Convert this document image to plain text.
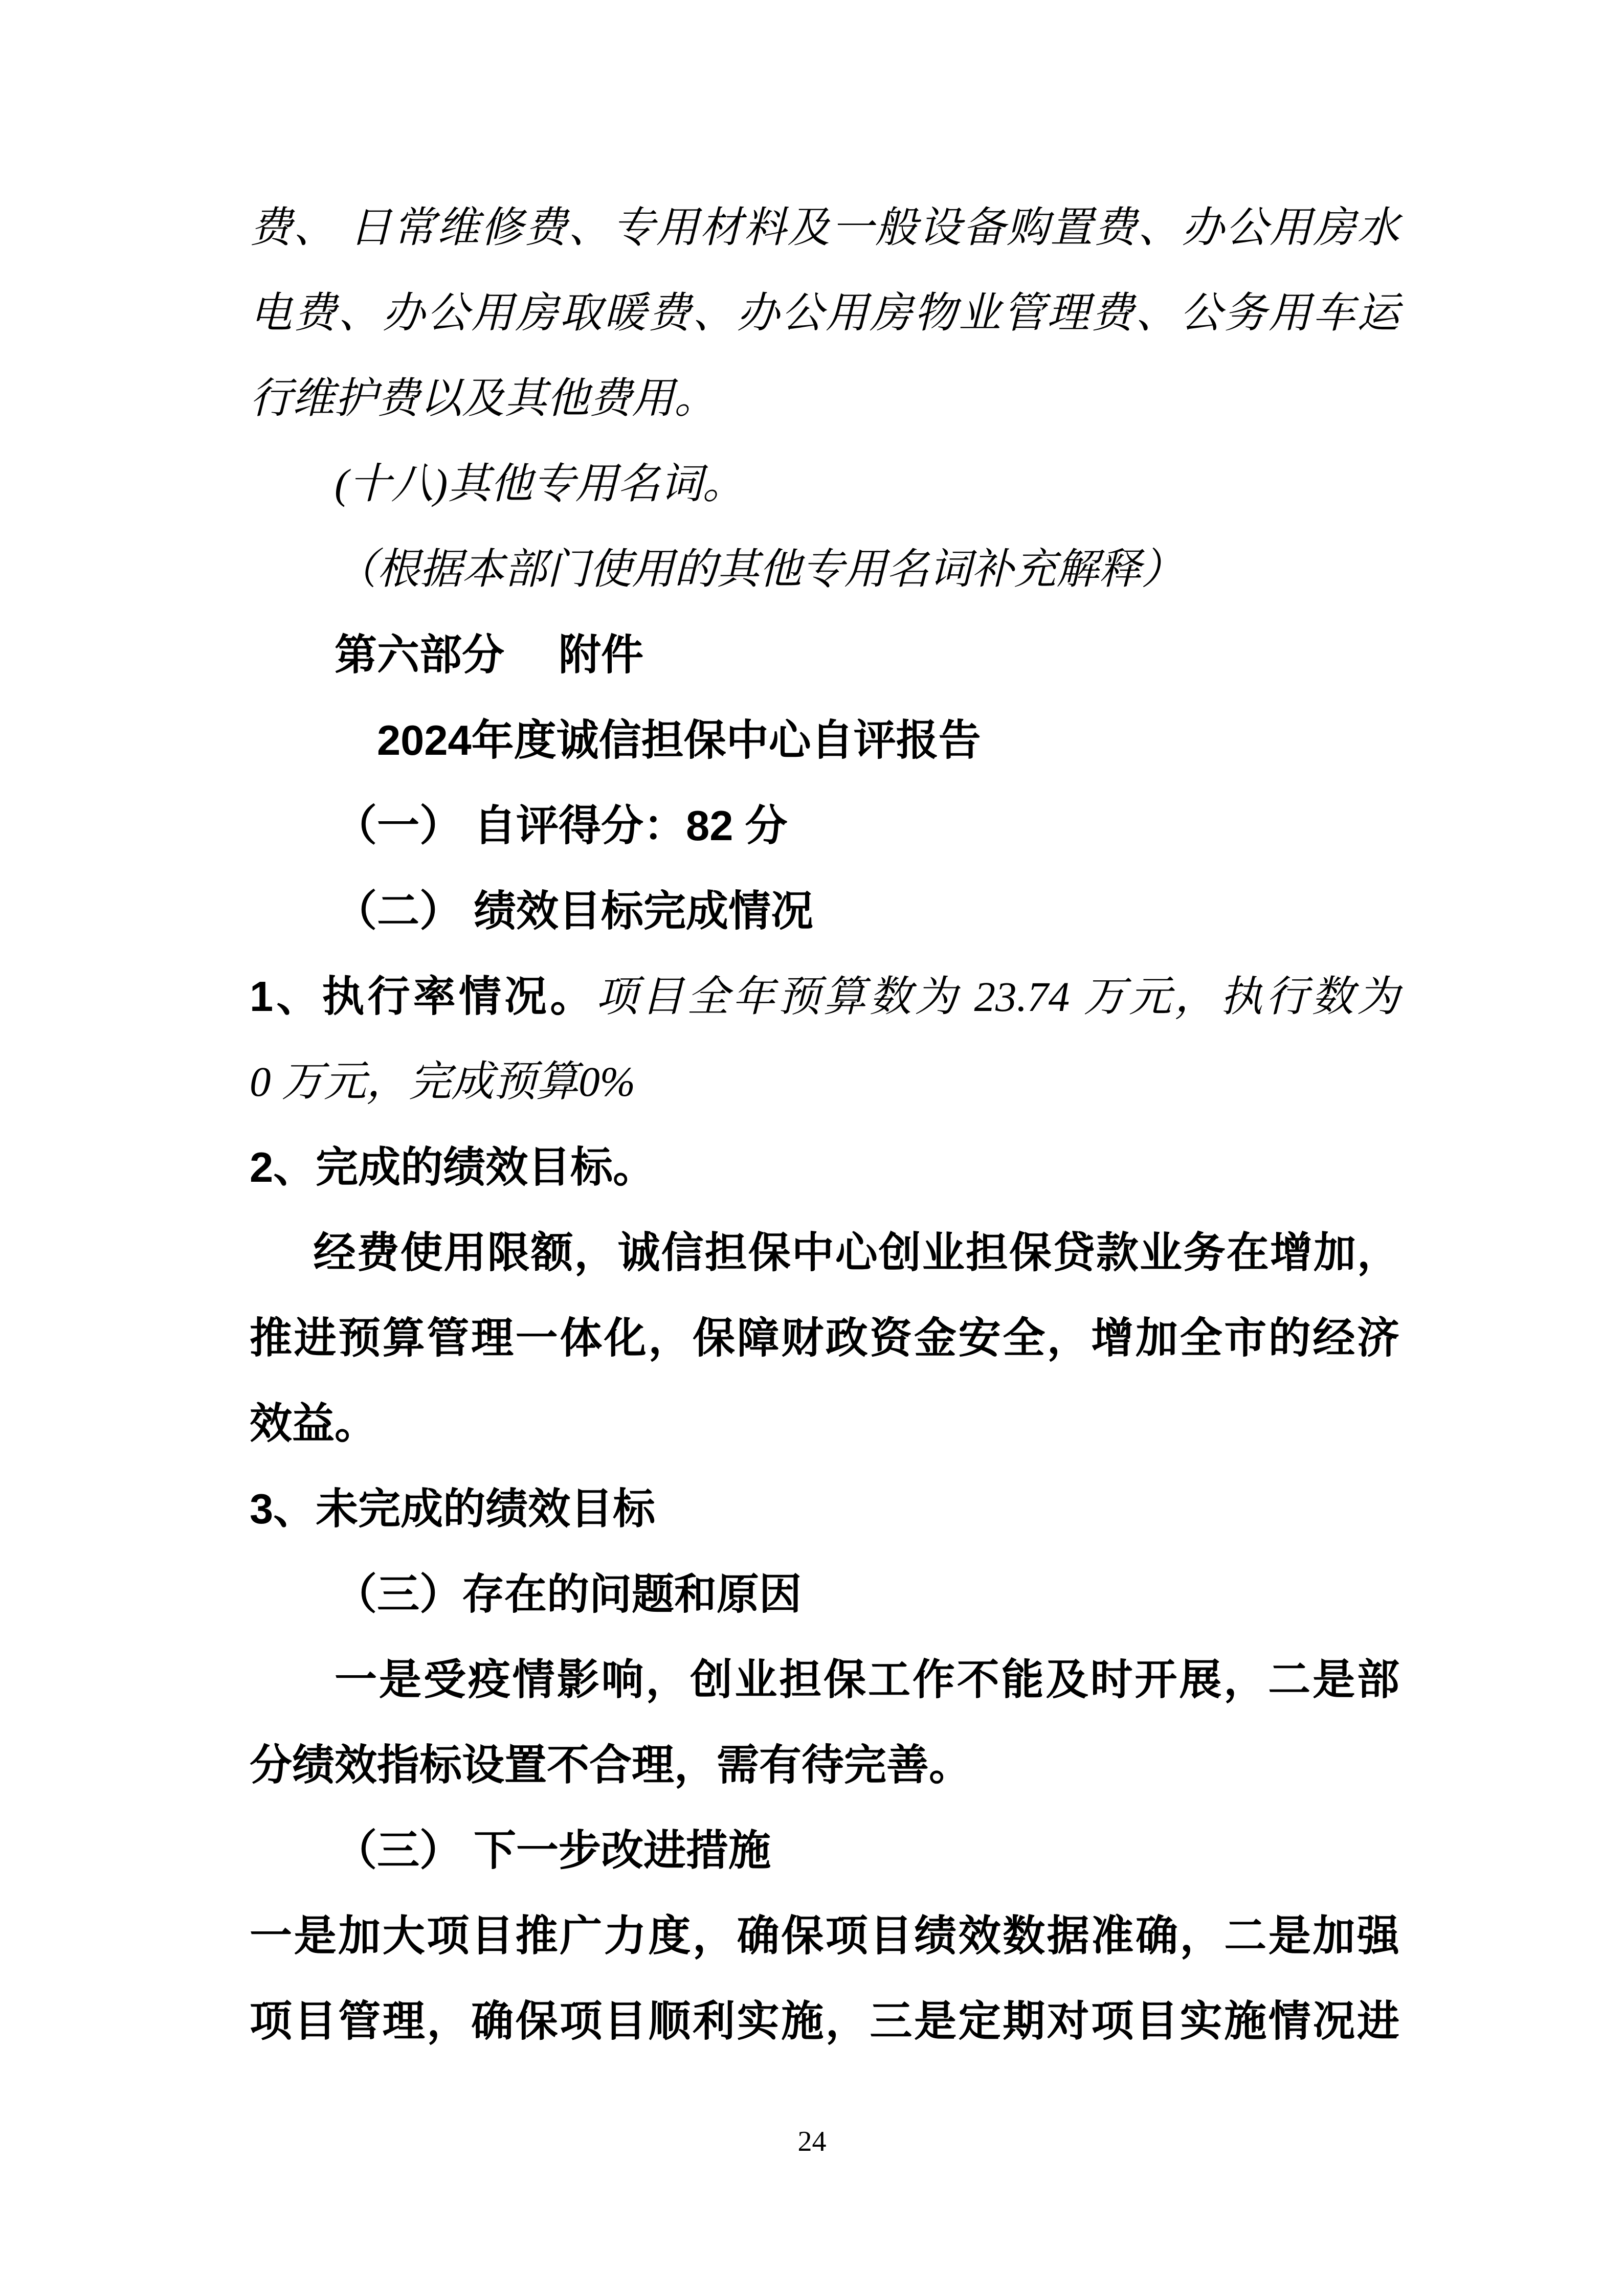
费、 日常维修费、专用材料及一般设备购置费、办公用房水
电费、办公用房取暖费、办公用房物业管理费、公务用车运
行维护费以及其他费用。
(十八)其他专用名词。
（根据本部门使用的其他专用名词补充解释）
第六部分　 附件
2024年度诚信担保中心自评报告
（一） 自评得分：82 分
（二） 绩效目标完成情况
1、执行率情况。项目全年预算数为 23.74 万元，执行数为
0 万元，完成预算0%
2、完成的绩效目标。
经费使用限额，诚信担保中心创业担保贷款业务在增加，
推进预算管理一体化，保障财政资金安全，增加全市的经济
效益。
3、未完成的绩效目标
（三）存在的问题和原因
一是受疫情影响，创业担保工作不能及时开展，二是部
分绩效指标设置不合理，需有待完善。
（三） 下一步改进措施
一是加大项目推广力度，确保项目绩效数据准确，二是加强
项目管理，确保项目顺利实施，三是定期对项目实施情况进
24
